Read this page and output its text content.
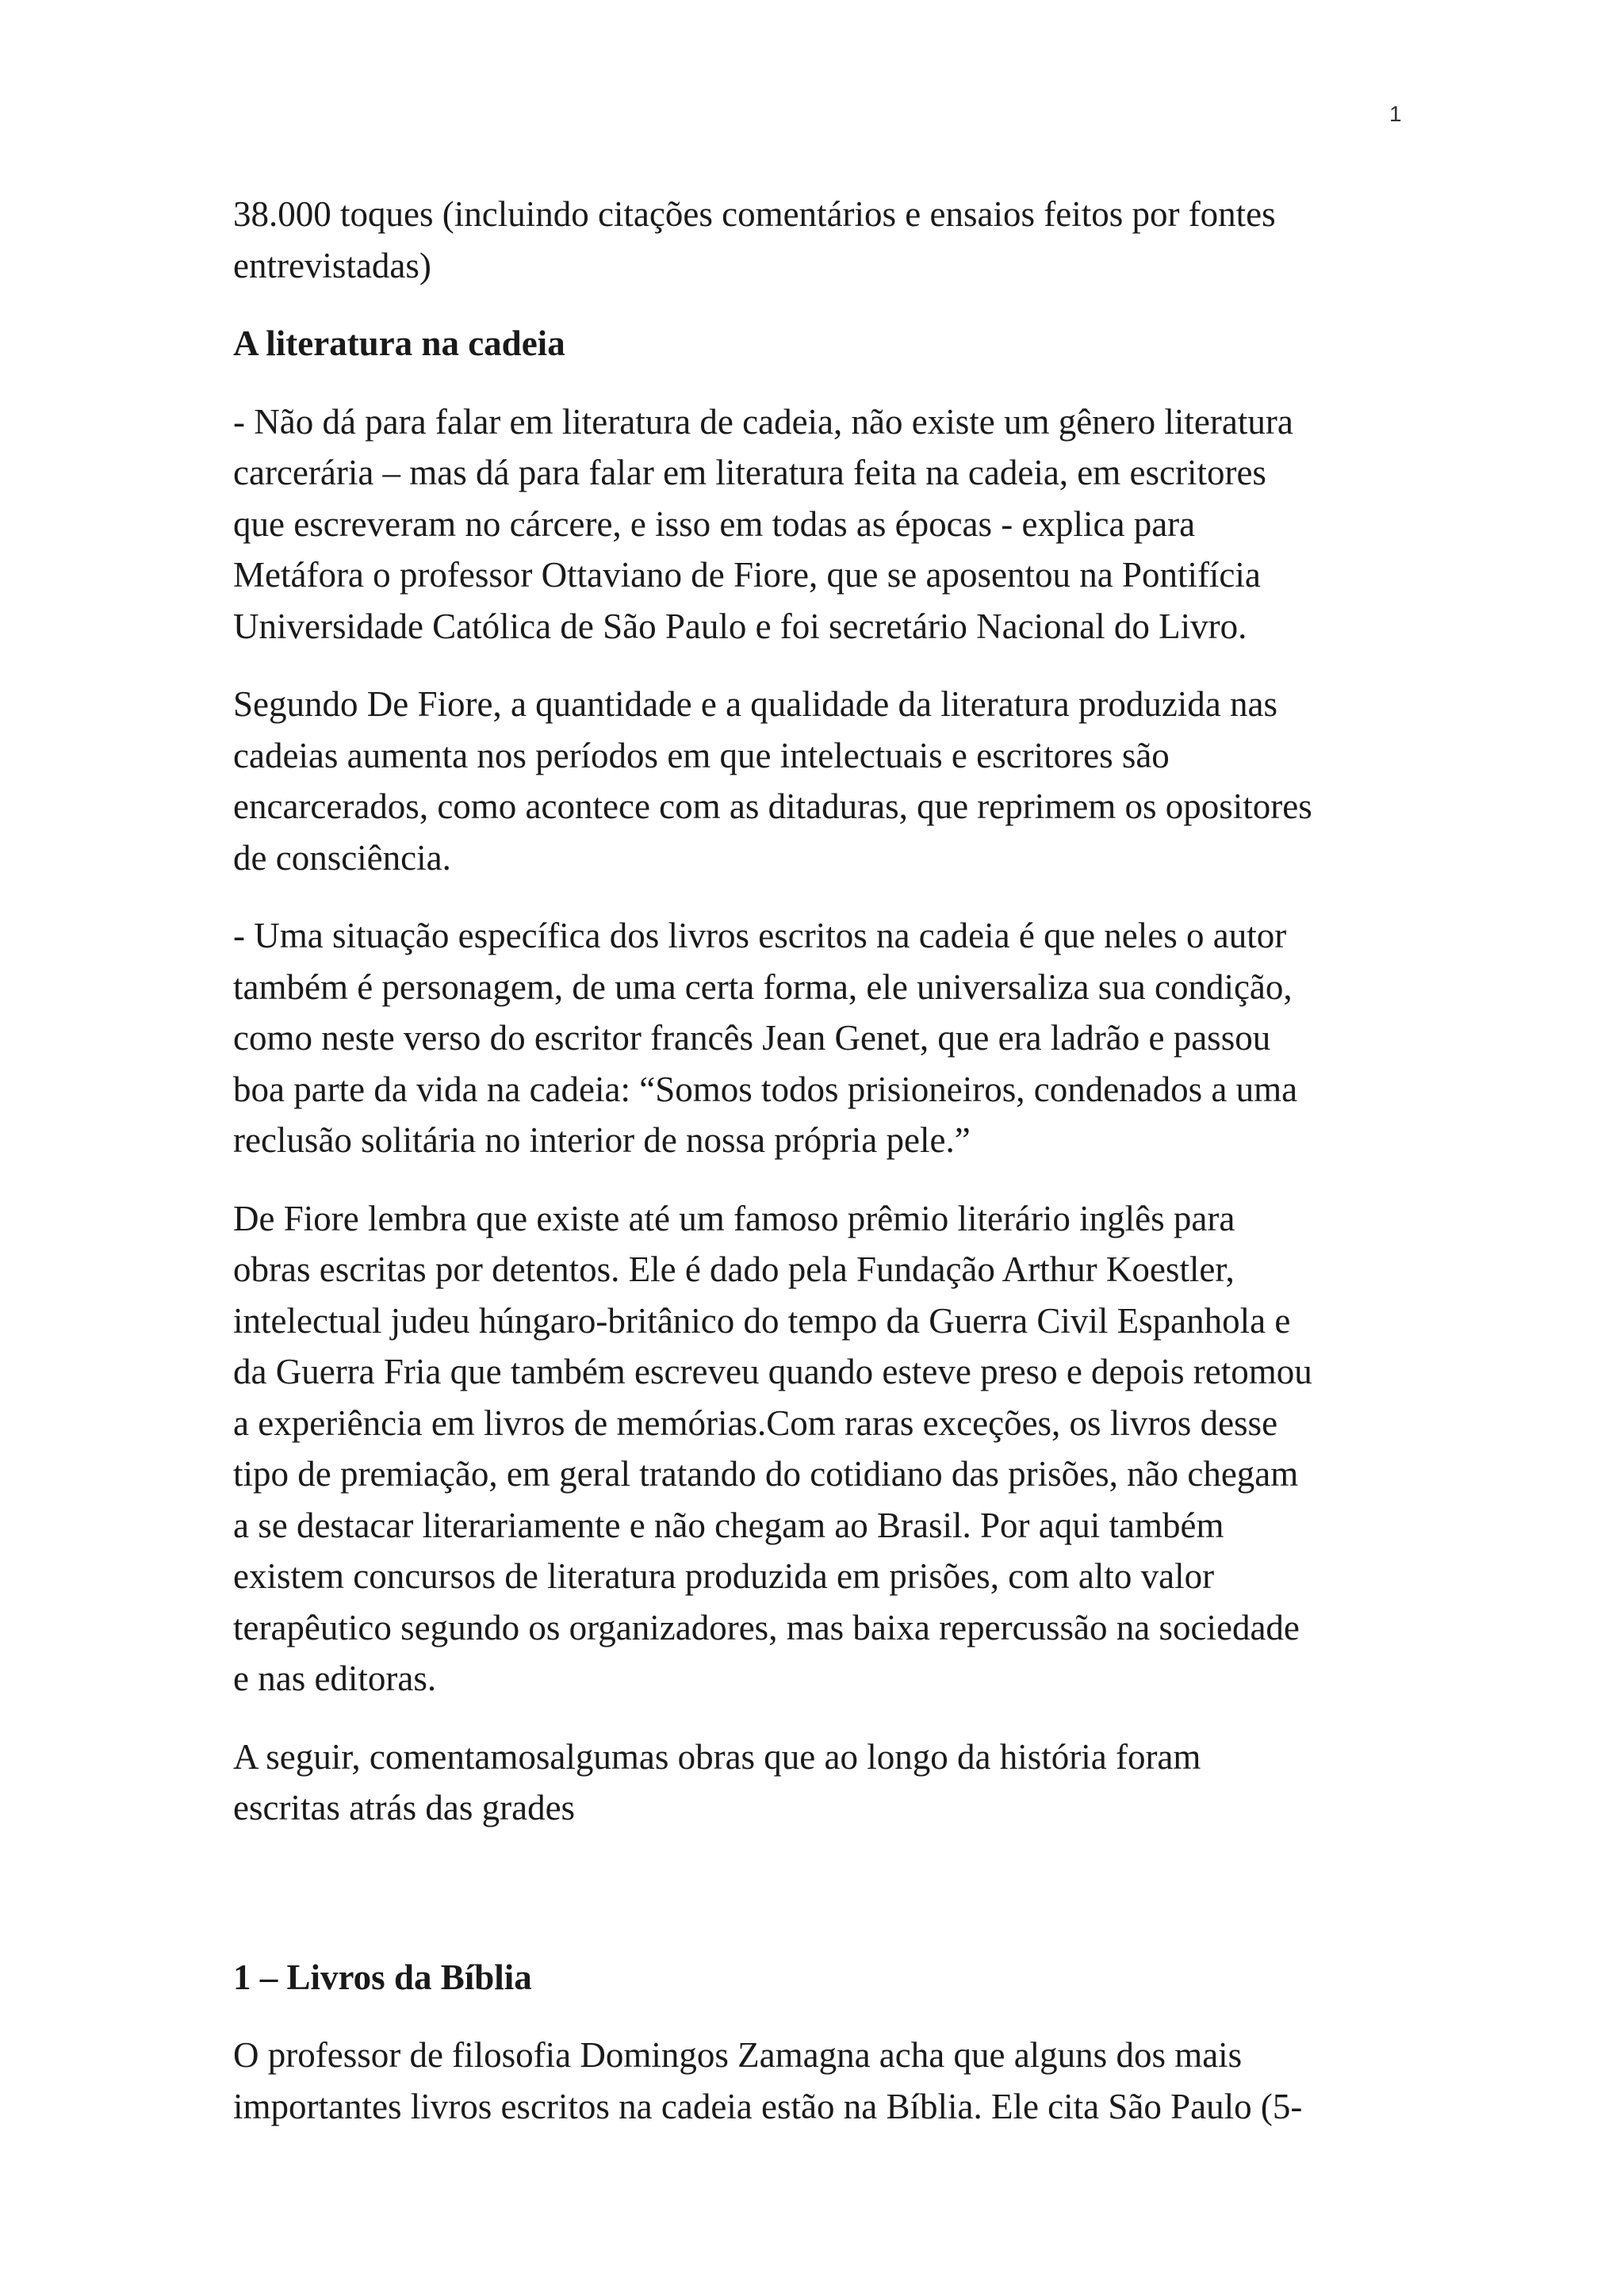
1

38.000 toques (incluindo citações comentários e ensaios feitos por fontes
entrevistadas)

A literatura na cadeia

- Não dá para falar em literatura de cadeia, não existe um gênero literatura
carcerária – mas dá para falar em literatura feita na cadeia, em escritores
que escreveram no cárcere, e isso em todas as épocas - explica para
Metáfora o professor Ottaviano de Fiore, que se aposentou na Pontifícia
Universidade Católica de São Paulo e foi secretário Nacional do Livro.

Segundo De Fiore, a quantidade e a qualidade da literatura produzida nas
cadeias aumenta nos períodos em que intelectuais e escritores são
encarcerados, como acontece com as ditaduras, que reprimem os opositores
de consciência.

- Uma situação específica dos livros escritos na cadeia é que neles o autor
também é personagem, de uma certa forma, ele universaliza sua condição,
como neste verso do escritor francês Jean Genet, que era ladrão e passou
boa parte da vida na cadeia: “Somos todos prisioneiros, condenados a uma
reclusão solitária no interior de nossa própria pele.”

De Fiore lembra que existe até um famoso prêmio literário inglês para
obras escritas por detentos. Ele é dado pela Fundação Arthur Koestler,
intelectual judeu húngaro-britânico do tempo da Guerra Civil Espanhola e
da Guerra Fria que também escreveu quando esteve preso e depois retomou
a experiência em livros de memórias.Com raras exceções, os livros desse
tipo de premiação, em geral tratando do cotidiano das prisões, não chegam
a se destacar literariamente e não chegam ao Brasil. Por aqui também
existem concursos de literatura produzida em prisões, com alto valor
terapêutico segundo os organizadores, mas baixa repercussão na sociedade
e nas editoras.

A seguir, comentamosalgumas obras que ao longo da história foram
escritas atrás das grades

1 – Livros da Bíblia

O professor de filosofia Domingos Zamagna acha que alguns dos mais
importantes livros escritos na cadeia estão na Bíblia. Ele cita São Paulo (5-
